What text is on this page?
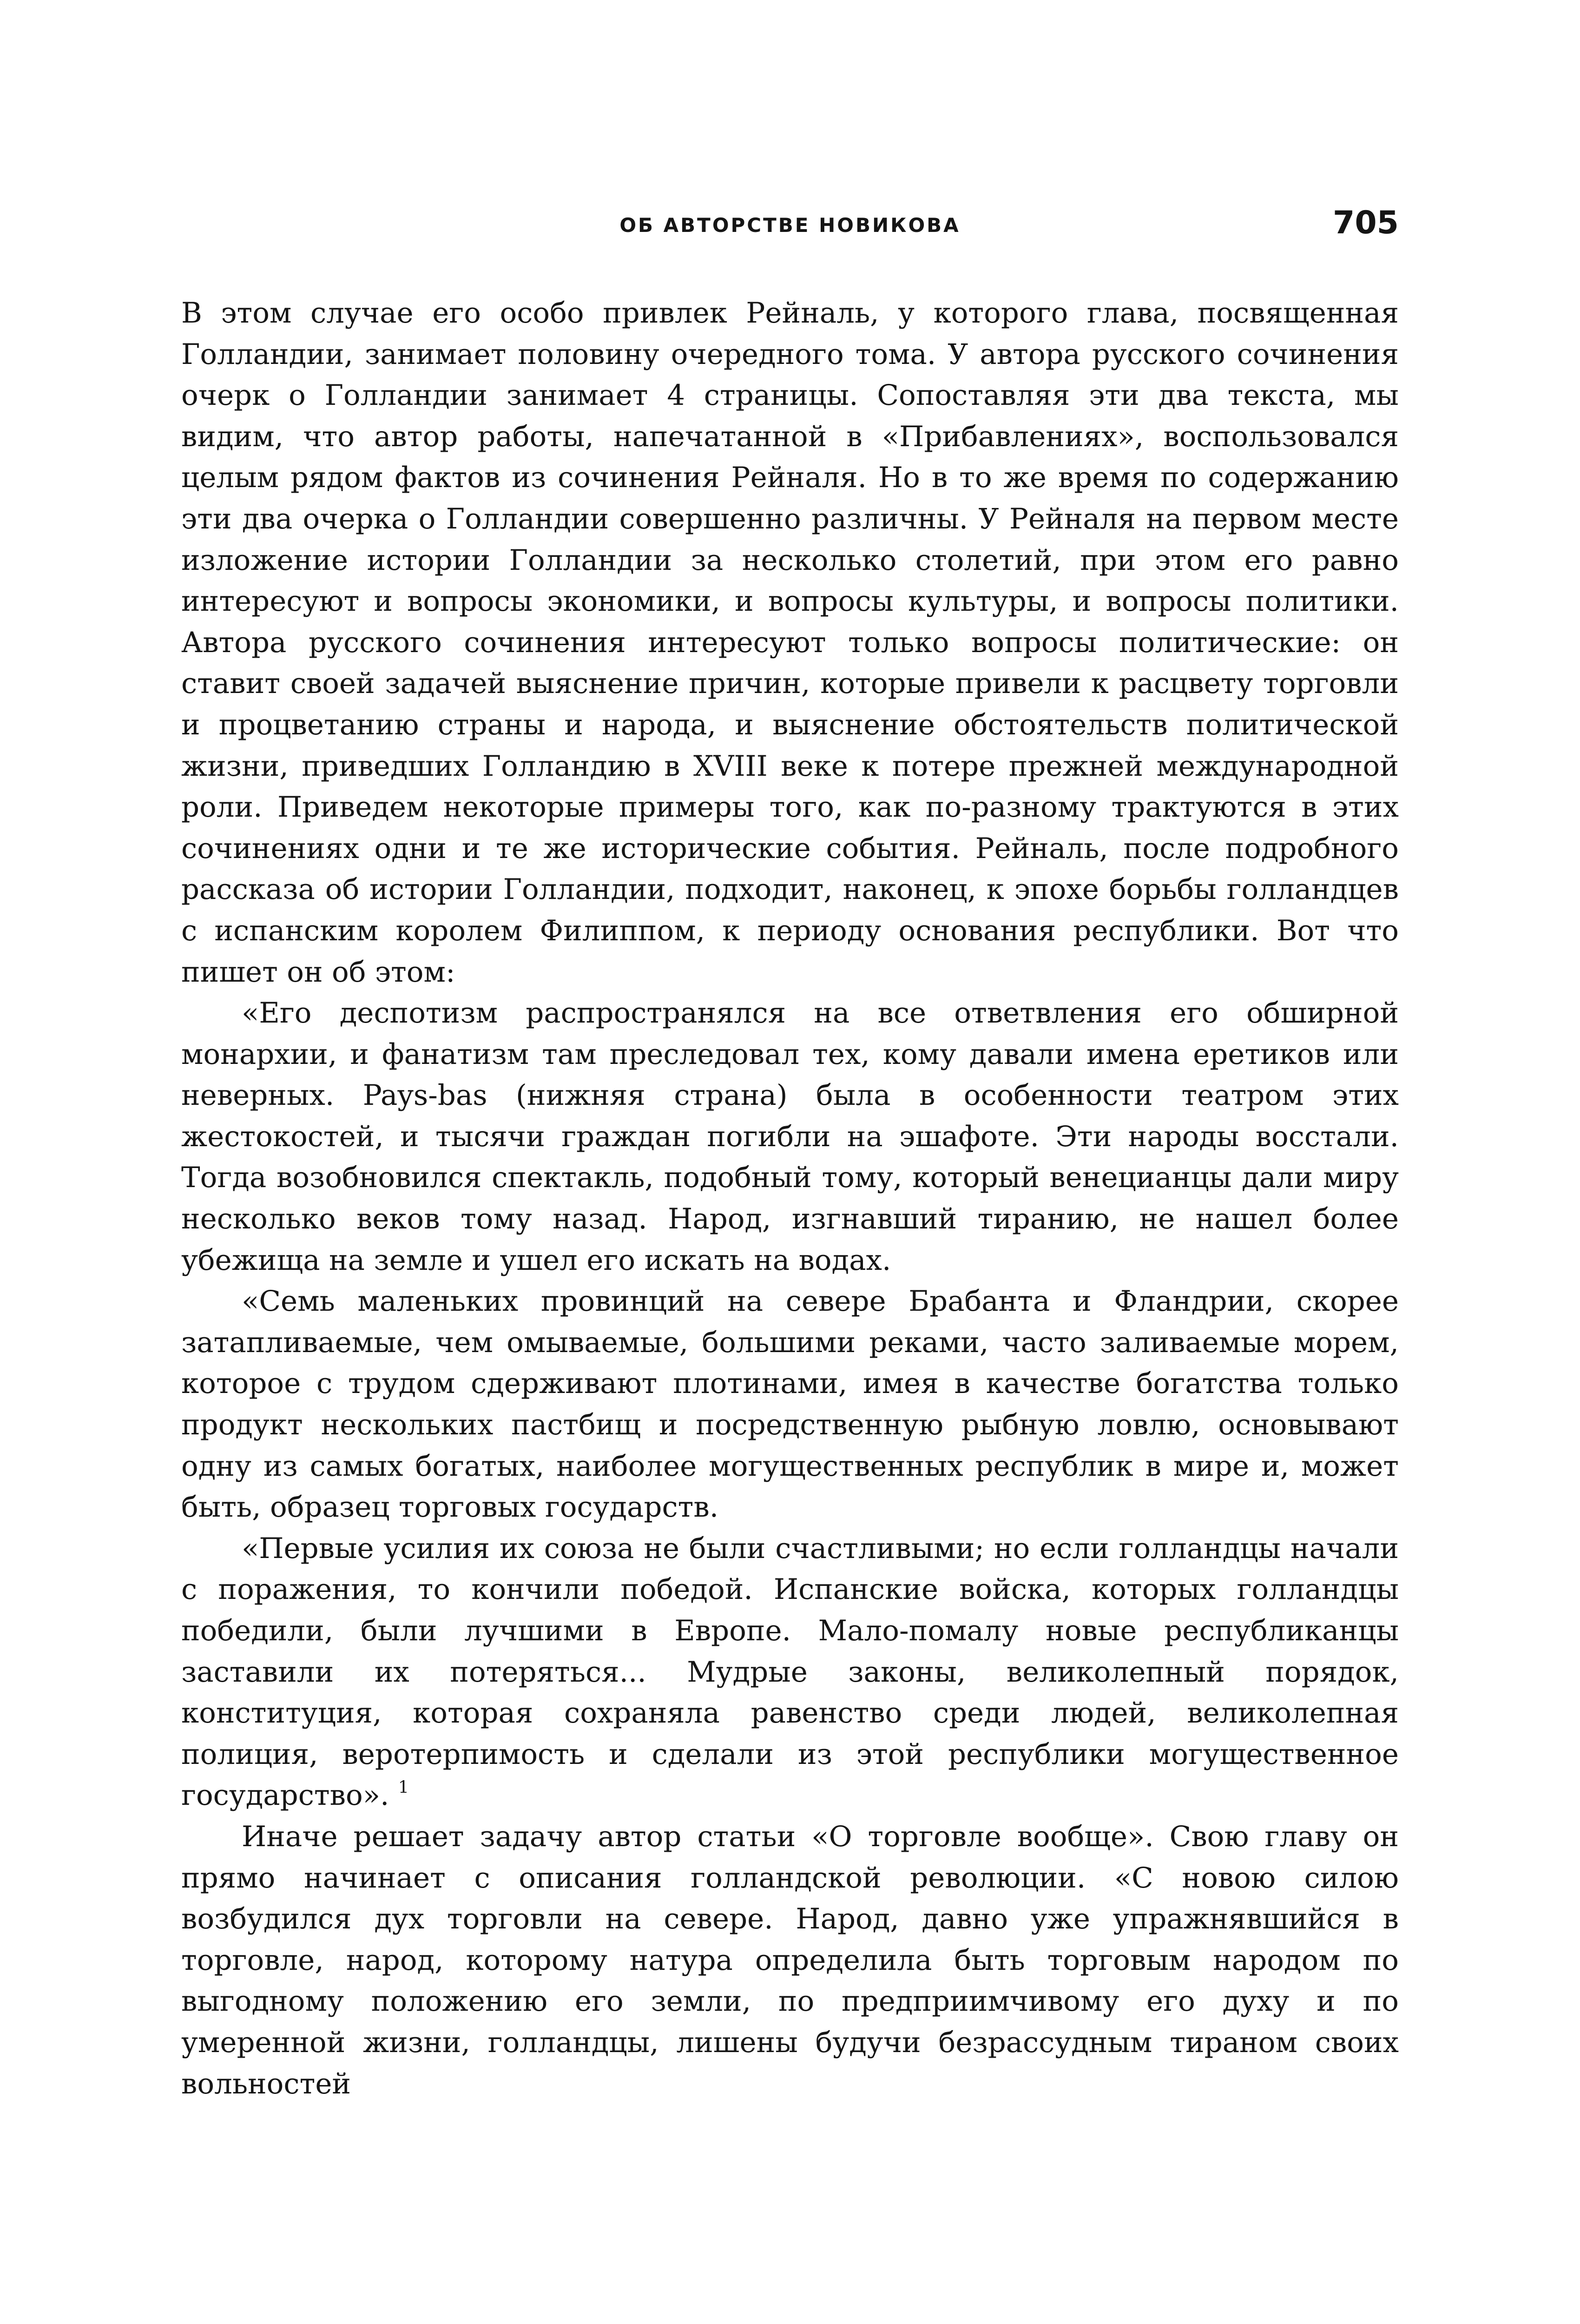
ОБ АВТОРСТВЕ НОВИКОВА	705

В этом случае его особо привлек Рейналь, у которого глава, посвященная Голландии, занимает половину очередного тома. У автора русского сочинения очерк о Голландии занимает 4 страницы. Сопоставляя эти два текста, мы видим, что автор работы, напечатанной в «Прибавлениях», воспользовался целым рядом фактов из сочинения Рейналя. Но в то же время по содержанию эти два очерка о Голландии совершенно различны. У Рейналя на первом месте изложение истории Голландии за несколько столетий, при этом его равно интересуют и вопросы экономики, и вопросы культуры, и вопросы политики. Автора русского сочинения интересуют только вопросы политические: он ставит своей задачей выяснение причин, которые привели к расцвету торговли и процветанию страны и народа, и выяснение обстоятельств политической жизни, приведших Голландию в XVIII веке к потере прежней международной роли. Приведем некоторые примеры того, как по-разному трактуются в этих сочинениях одни и те же исторические события. Рейналь, после подробного рассказа об истории Голландии, подходит, наконец, к эпохе борьбы голландцев с испанским королем Филиппом, к периоду основания республики. Вот что пишет он об этом:

«Его деспотизм распространялся на все ответвления его обширной монархии, и фанатизм там преследовал тех, кому давали имена еретиков или неверных. Pays-bas (нижняя страна) была в особенности театром этих жестокостей, и тысячи граждан погибли на эшафоте. Эти народы восстали. Тогда возобновился спектакль, подобный тому, который венецианцы дали миру несколько веков тому назад. Народ, изгнавший тиранию, не нашел более убежища на земле и ушел его искать на водах.

«Семь маленьких провинций на севере Брабанта и Фландрии, скорее затапливаемые, чем омываемые, большими реками, часто заливаемые морем, которое с трудом сдерживают плотинами, имея в качестве богатства только продукт нескольких пастбищ и посредственную рыбную ловлю, основывают одну из самых богатых, наиболее могущественных республик в мире и, может быть, образец торговых государств.

«Первые усилия их союза не были счастливыми; но если голландцы начали с поражения, то кончили победой. Испанские войска, которых голландцы победили, были лучшими в Европе. Мало-помалу новые республиканцы заставили их потеряться... Мудрые законы, великолепный порядок, конституция, которая сохраняла равенство среди людей, великолепная полиция, веротерпимость и сделали из этой республики могущественное государство». $^1$

Иначе решает задачу автор статьи «О торговле вообще». Свою главу он прямо начинает с описания голландской революции. «С новою силою возбудился дух торговли на севере. Народ, давно уже упражнявшийся в торговле, народ, которому натура определила быть торговым народом по выгодному положению его земли, по предприимчивому его духу и по умеренной жизни, голландцы, лишены будучи безрассудным тираном своих вольностей
